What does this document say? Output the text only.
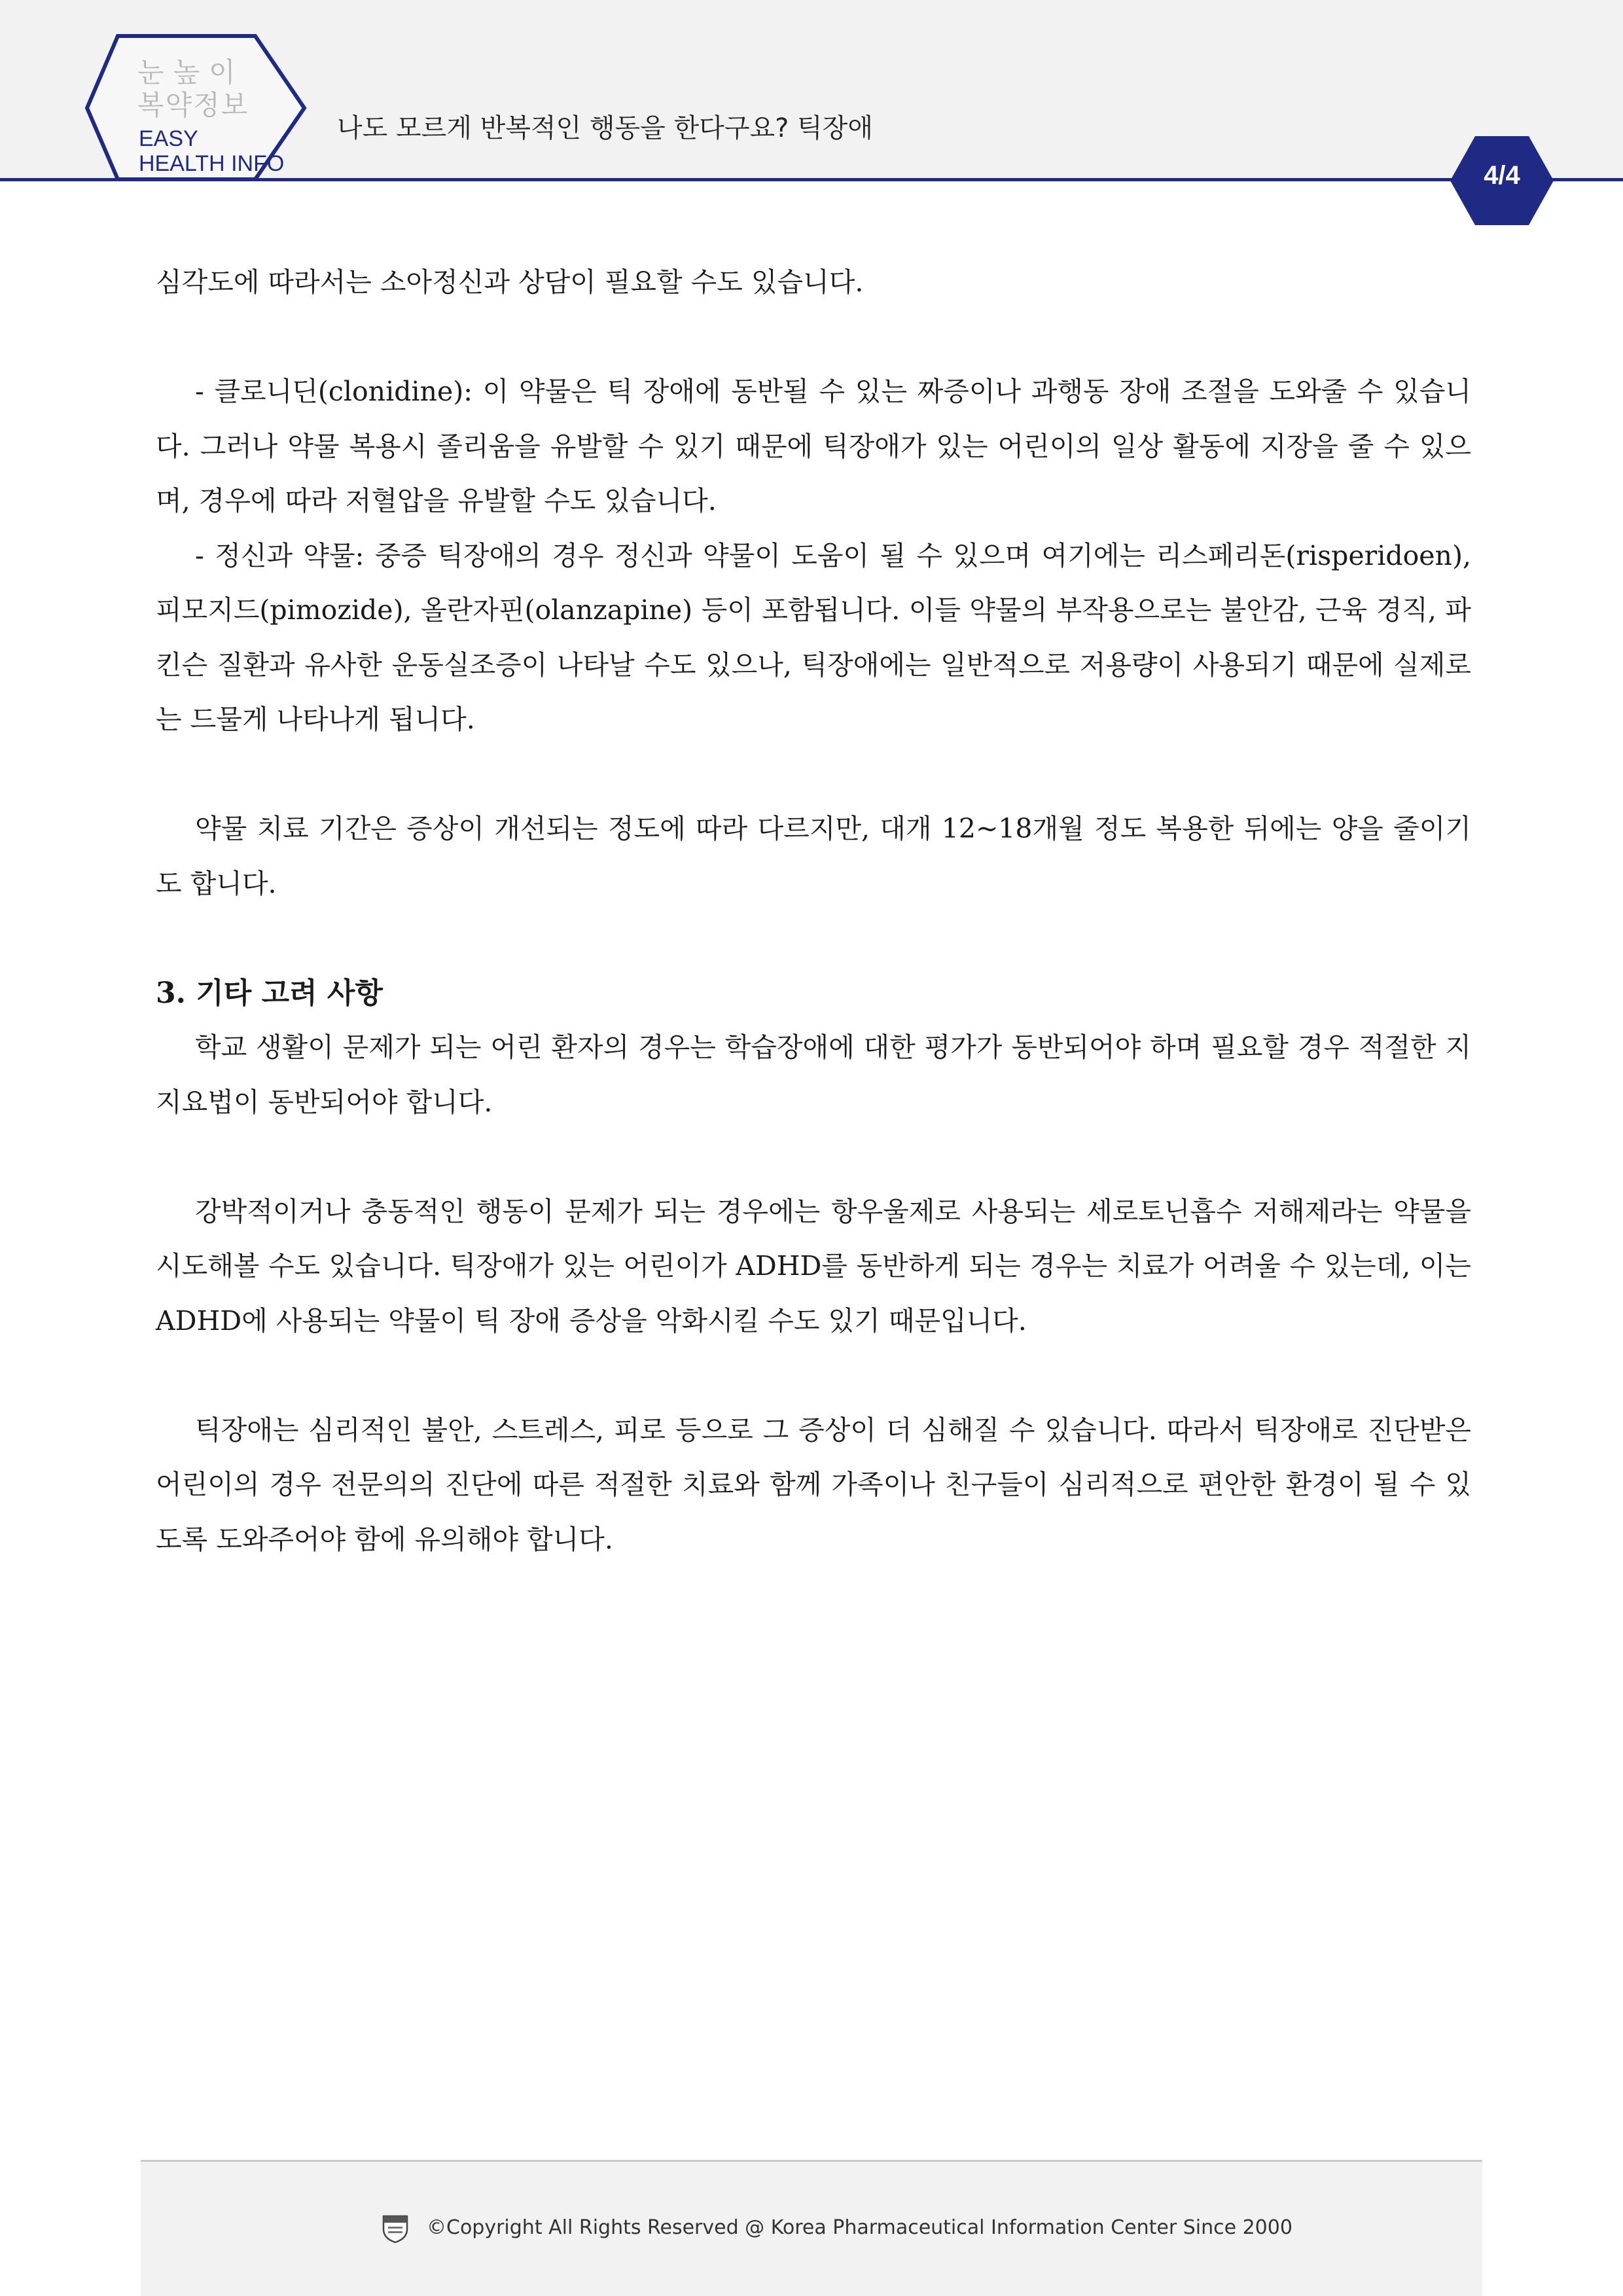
눈높이
복약정보
EASY
HEALTH INFO
나도 모르게 반복적인 행동을 한다구요? 틱장애
4/4

심각도에 따라서는 소아정신과 상담이 필요할 수도 있습니다.

- 클로니딘(clonidine): 이 약물은 틱 장애에 동반될 수 있는 짜증이나 과행동 장애 조절을 도와줄 수 있습니다. 그러나 약물 복용시 졸리움을 유발할 수 있기 때문에 틱장애가 있는 어린이의 일상 활동에 지장을 줄 수 있으며, 경우에 따라 저혈압을 유발할 수도 있습니다.

- 정신과 약물: 중증 틱장애의 경우 정신과 약물이 도움이 될 수 있으며 여기에는 리스페리돈(risperidoen), 피모지드(pimozide), 올란자핀(olanzapine) 등이 포함됩니다. 이들 약물의 부작용으로는 불안감, 근육 경직, 파킨슨 질환과 유사한 운동실조증이 나타날 수도 있으나, 틱장애에는 일반적으로 저용량이 사용되기 때문에 실제로는 드물게 나타나게 됩니다.

약물 치료 기간은 증상이 개선되는 정도에 따라 다르지만, 대개 12~18개월 정도 복용한 뒤에는 양을 줄이기도 합니다.

3. 기타 고려 사항

학교 생활이 문제가 되는 어린 환자의 경우는 학습장애에 대한 평가가 동반되어야 하며 필요할 경우 적절한 지지요법이 동반되어야 합니다.

강박적이거나 충동적인 행동이 문제가 되는 경우에는 항우울제로 사용되는 세로토닌흡수 저해제라는 약물을 시도해볼 수도 있습니다. 틱장애가 있는 어린이가 ADHD를 동반하게 되는 경우는 치료가 어려울 수 있는데, 이는 ADHD에 사용되는 약물이 틱 장애 증상을 악화시킬 수도 있기 때문입니다.

틱장애는 심리적인 불안, 스트레스, 피로 등으로 그 증상이 더 심해질 수 있습니다. 따라서 틱장애로 진단받은 어린이의 경우 전문의의 진단에 따른 적절한 치료와 함께 가족이나 친구들이 심리적으로 편안한 환경이 될 수 있도록 도와주어야 함에 유의해야 합니다.

©Copyright All Rights Reserved @ Korea Pharmaceutical Information Center Since 2000
